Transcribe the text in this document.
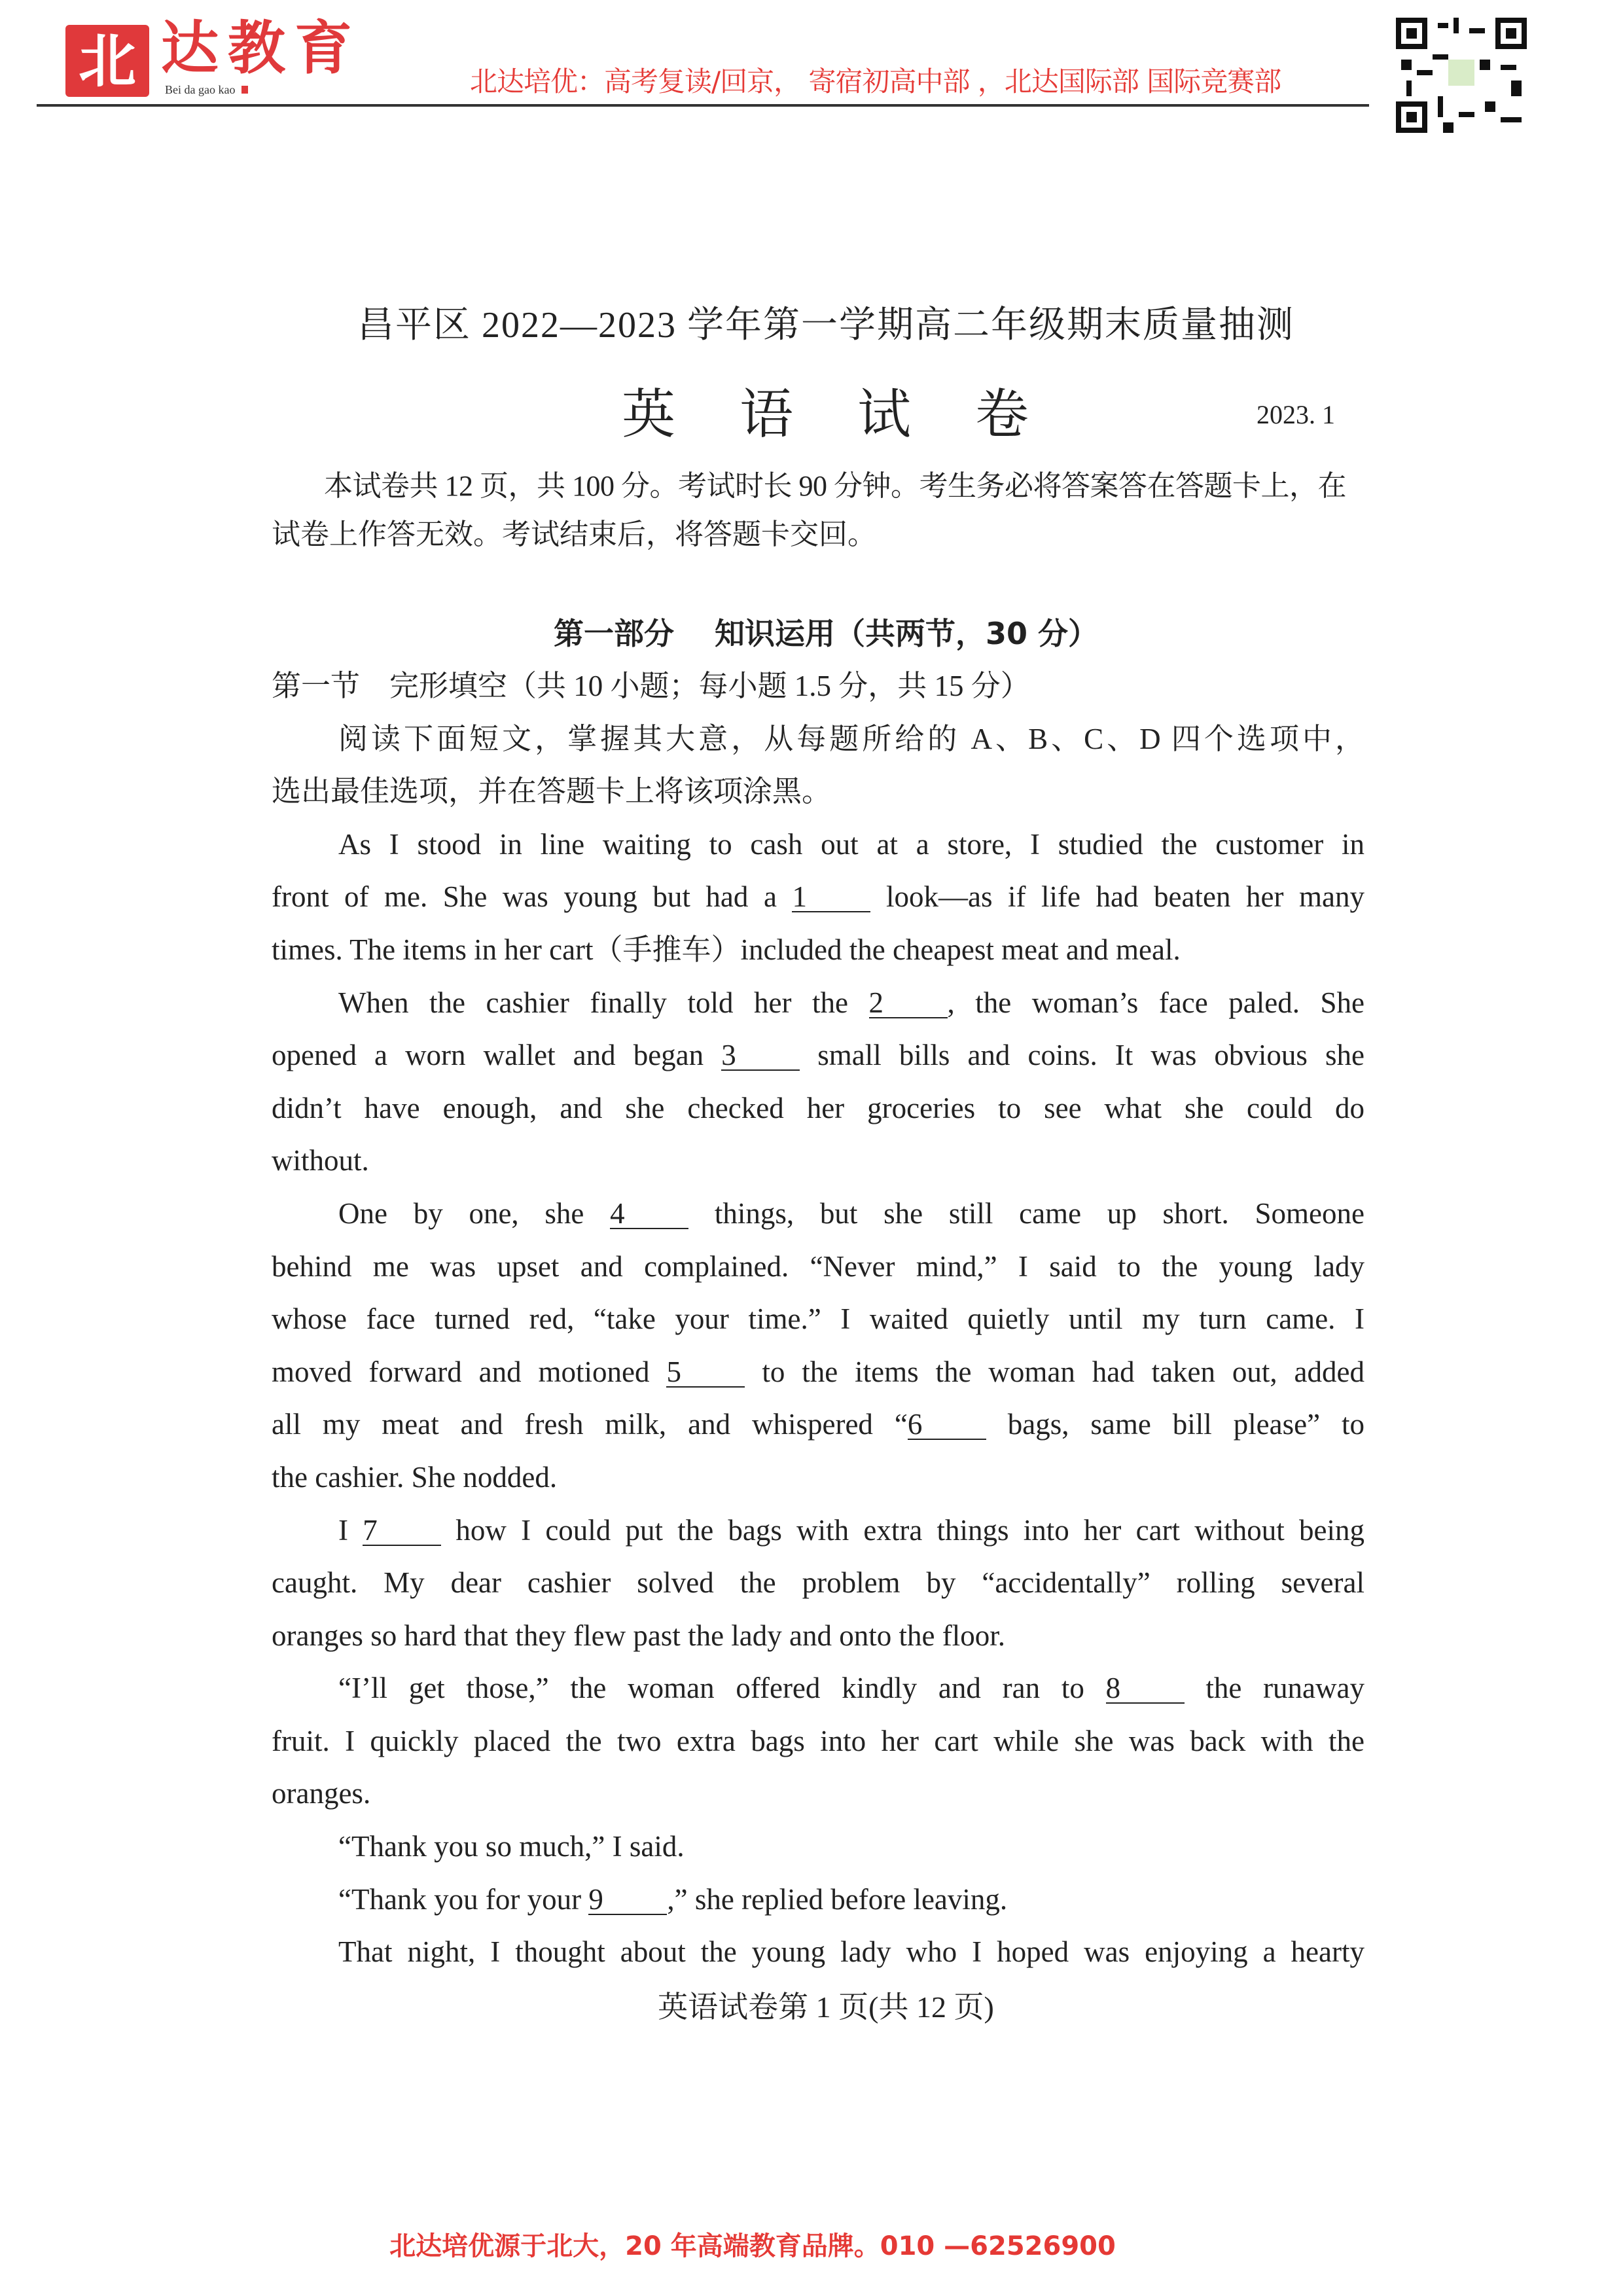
北 达教育
Bei da gao kao	北达培优：高考复读/回京， 寄宿初高中部 ，北达国际部 国际竞赛部
昌平区 2022—2023 学年第一学期高二年级期末质量抽测
英语试卷	2023. 1
本试卷共 12 页，共 100 分。考试时长 90 分钟。考生务必将答案答在答题卡上，在
试卷上作答无效。考试结束后，将答题卡交回。
第一部分　 知识运用（共两节，30 分）
第一节　完形填空（共 10 小题；每小题 1.5 分，共 15 分）
阅读下面短文，掌握其大意，从每题所给的 A、B、C、D 四个选项中，
选出最佳选项，并在答题卡上将该项涂黑。
As I stood in line waiting to cash out at a store, I studied the customer in
front of me. She was young but had a 1 look—as if life had beaten her many
times. The items in her cart（手推车）included the cheapest meat and meal.
When the cashier finally told her the 2 , the woman’s face paled. She
opened a worn wallet and began 3 small bills and coins. It was obvious she
didn’t have enough, and she checked her groceries to see what she could do
without.
One by one, she 4 things, but she still came up short. Someone
behind me was upset and complained. “Never mind,” I said to the young lady
whose face turned red, “take your time.” I waited quietly until my turn came. I
moved forward and motioned 5 to the items the woman had taken out, added
all my meat and fresh milk, and whispered “6 bags, same bill please” to
the cashier. She nodded.
I 7 how I could put the bags with extra things into her cart without being
caught. My dear cashier solved the problem by “accidentally” rolling several
oranges so hard that they flew past the lady and onto the floor.
“I’ll get those,” the woman offered kindly and ran to 8 the runaway
fruit. I quickly placed the two extra bags into her cart while she was back with the
oranges.
“Thank you so much,” I said.
“Thank you for your 9 ,” she replied before leaving.
That night, I thought about the young lady who I hoped was enjoying a hearty
英语试卷第 1 页(共 12 页)
北达培优源于北大，20 年高端教育品牌。010 —62526900
